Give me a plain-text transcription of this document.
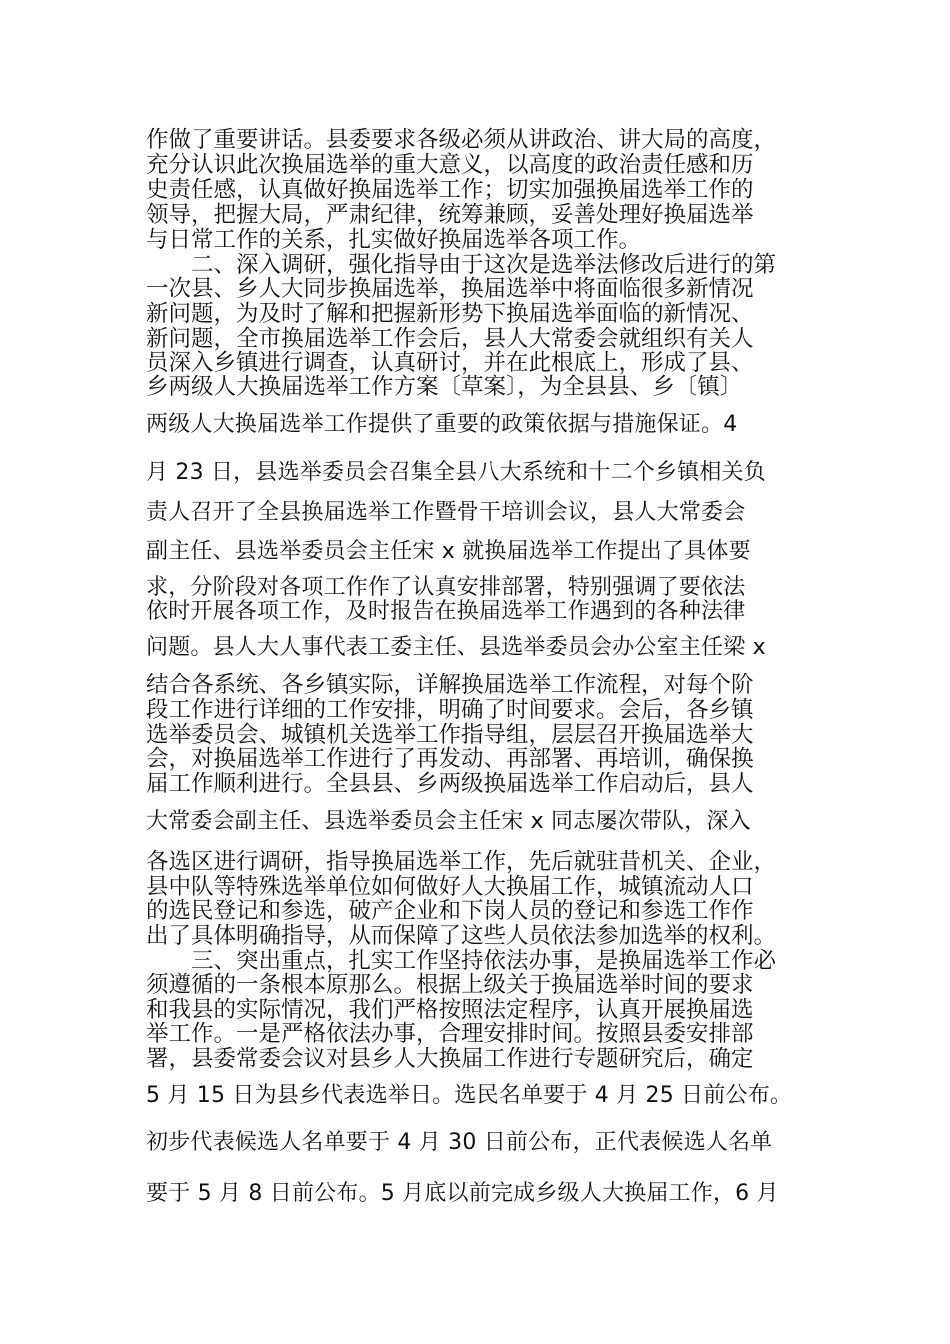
作做了重要讲话。县委要求各级必须从讲政治、讲大局的高度，
充分认识此次换届选举的重大意义，以高度的政治责任感和历
史责任感，认真做好换届选举工作；切实加强换届选举工作的
领导，把握大局，严肃纪律，统筹兼顾，妥善处理好换届选举
与日常工作的关系，扎实做好换届选举各项工作。
　　二、深入调研，强化指导由于这次是选举法修改后进行的第
一次县、乡人大同步换届选举，换届选举中将面临很多新情况
新问题，为及时了解和把握新形势下换届选举面临的新情况、
新问题，全市换届选举工作会后，县人大常委会就组织有关人
员深入乡镇进行调查，认真研讨，并在此根底上，形成了县、
乡两级人大换届选举工作方案〔草案〕，为全县县、乡〔镇〕
两级人大换届选举工作提供了重要的政策依据与措施保证。4
月 23 日，县选举委员会召集全县八大系统和十二个乡镇相关负
责人召开了全县换届选举工作暨骨干培训会议，县人大常委会
副主任、县选举委员会主任宋 x 就换届选举工作提出了具体要
求，分阶段对各项工作作了认真安排部署，特别强调了要依法
依时开展各项工作，及时报告在换届选举工作遇到的各种法律
问题。县人大人事代表工委主任、县选举委员会办公室主任梁 x
结合各系统、各乡镇实际，详解换届选举工作流程，对每个阶
段工作进行详细的工作安排，明确了时间要求。会后，各乡镇
选举委员会、城镇机关选举工作指导组，层层召开换届选举大
会，对换届选举工作进行了再发动、再部署、再培训，确保换
届工作顺利进行。全县县、乡两级换届选举工作启动后，县人
大常委会副主任、县选举委员会主任宋 x 同志屡次带队，深入
各选区进行调研，指导换届选举工作，先后就驻昔机关、企业，
县中队等特殊选举单位如何做好人大换届工作，城镇流动人口
的选民登记和参选，破产企业和下岗人员的登记和参选工作作
出了具体明确指导，从而保障了这些人员依法参加选举的权利。
　　三、突出重点，扎实工作坚持依法办事，是换届选举工作必
须遵循的一条根本原那么。根据上级关于换届选举时间的要求
和我县的实际情况，我们严格按照法定程序，认真开展换届选
举工作。一是严格依法办事，合理安排时间。按照县委安排部
署，县委常委会议对县乡人大换届工作进行专题研究后，确定
5 月 15 日为县乡代表选举日。选民名单要于 4 月 25 日前公布。
初步代表候选人名单要于 4 月 30 日前公布，正代表候选人名单
要于 5 月 8 日前公布。5 月底以前完成乡级人大换届工作，6 月
